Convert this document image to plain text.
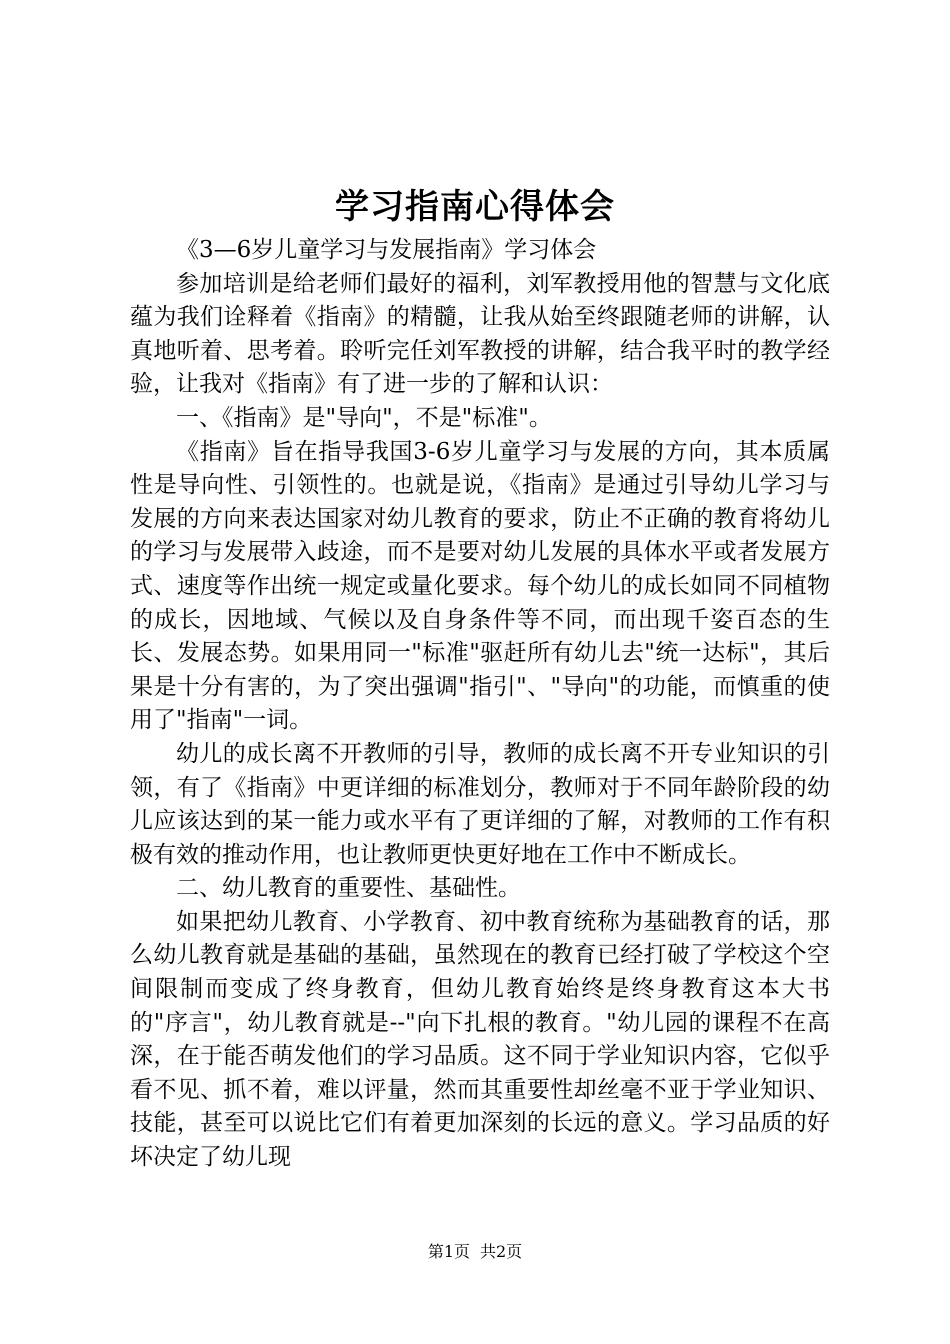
学习指南心得体会

《3—6岁儿童学习与发展指南》学习体会

参加培训是给老师们最好的福利，刘军教授用他的智慧与文化底蕴为我们诠释着《指南》的精髓，让我从始至终跟随老师的讲解，认真地听着、思考着。聆听完任刘军教授的讲解，结合我平时的教学经验，让我对《指南》有了进一步的了解和认识：

一、《指南》是"导向"，不是"标准"。

《指南》旨在指导我国3-6岁儿童学习与发展的方向，其本质属性是导向性、引领性的。也就是说，《指南》是通过引导幼儿学习与发展的方向来表达国家对幼儿教育的要求，防止不正确的教育将幼儿的学习与发展带入歧途，而不是要对幼儿发展的具体水平或者发展方式、速度等作出统一规定或量化要求。每个幼儿的成长如同不同植物的成长，因地域、气候以及自身条件等不同，而出现千姿百态的生长、发展态势。如果用同一"标准"驱赶所有幼儿去"统一达标"，其后果是十分有害的，为了突出强调"指引"、"导向"的功能，而慎重的使用了"指南"一词。

幼儿的成长离不开教师的引导，教师的成长离不开专业知识的引领，有了《指南》中更详细的标准划分，教师对于不同年龄阶段的幼儿应该达到的某一能力或水平有了更详细的了解，对教师的工作有积极有效的推动作用，也让教师更快更好地在工作中不断成长。

二、幼儿教育的重要性、基础性。

如果把幼儿教育、小学教育、初中教育统称为基础教育的话，那么幼儿教育就是基础的基础，虽然现在的教育已经打破了学校这个空间限制而变成了终身教育，但幼儿教育始终是终身教育这本大书的"序言"，幼儿教育就是--"向下扎根的教育。"幼儿园的课程不在高深，在于能否萌发他们的学习品质。这不同于学业知识内容，它似乎看不见、抓不着，难以评量，然而其重要性却丝毫不亚于学业知识、技能，甚至可以说比它们有着更加深刻的长远的意义。学习品质的好坏决定了幼儿现

第1页 共2页
